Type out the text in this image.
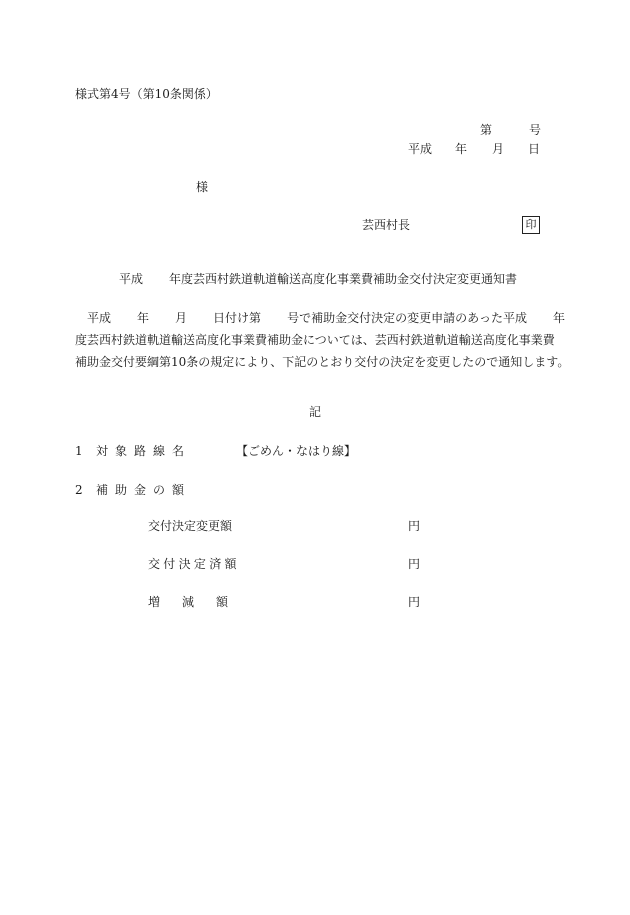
様式第4号（第10条関係）
第	号
平成 年 月 日
様
芸西村長	印
平成 年度芸西村鉄道軌道輸送高度化事業費補助金交付決定変更通知書
平成 年 月 日付け第 号で補助金交付決定の変更申請のあった平成 年
度芸西村鉄道軌道輸送高度化事業費補助金については、芸西村鉄道軌道輸送高度化事業費
補助金交付要綱第10条の規定により、下記のとおり交付の決定を変更したので通知します。
記
1 対象路線名	【ごめん・なはり線】
2 補助金の額
交付決定変更額	円
交付決定済額	円
増減額	円
